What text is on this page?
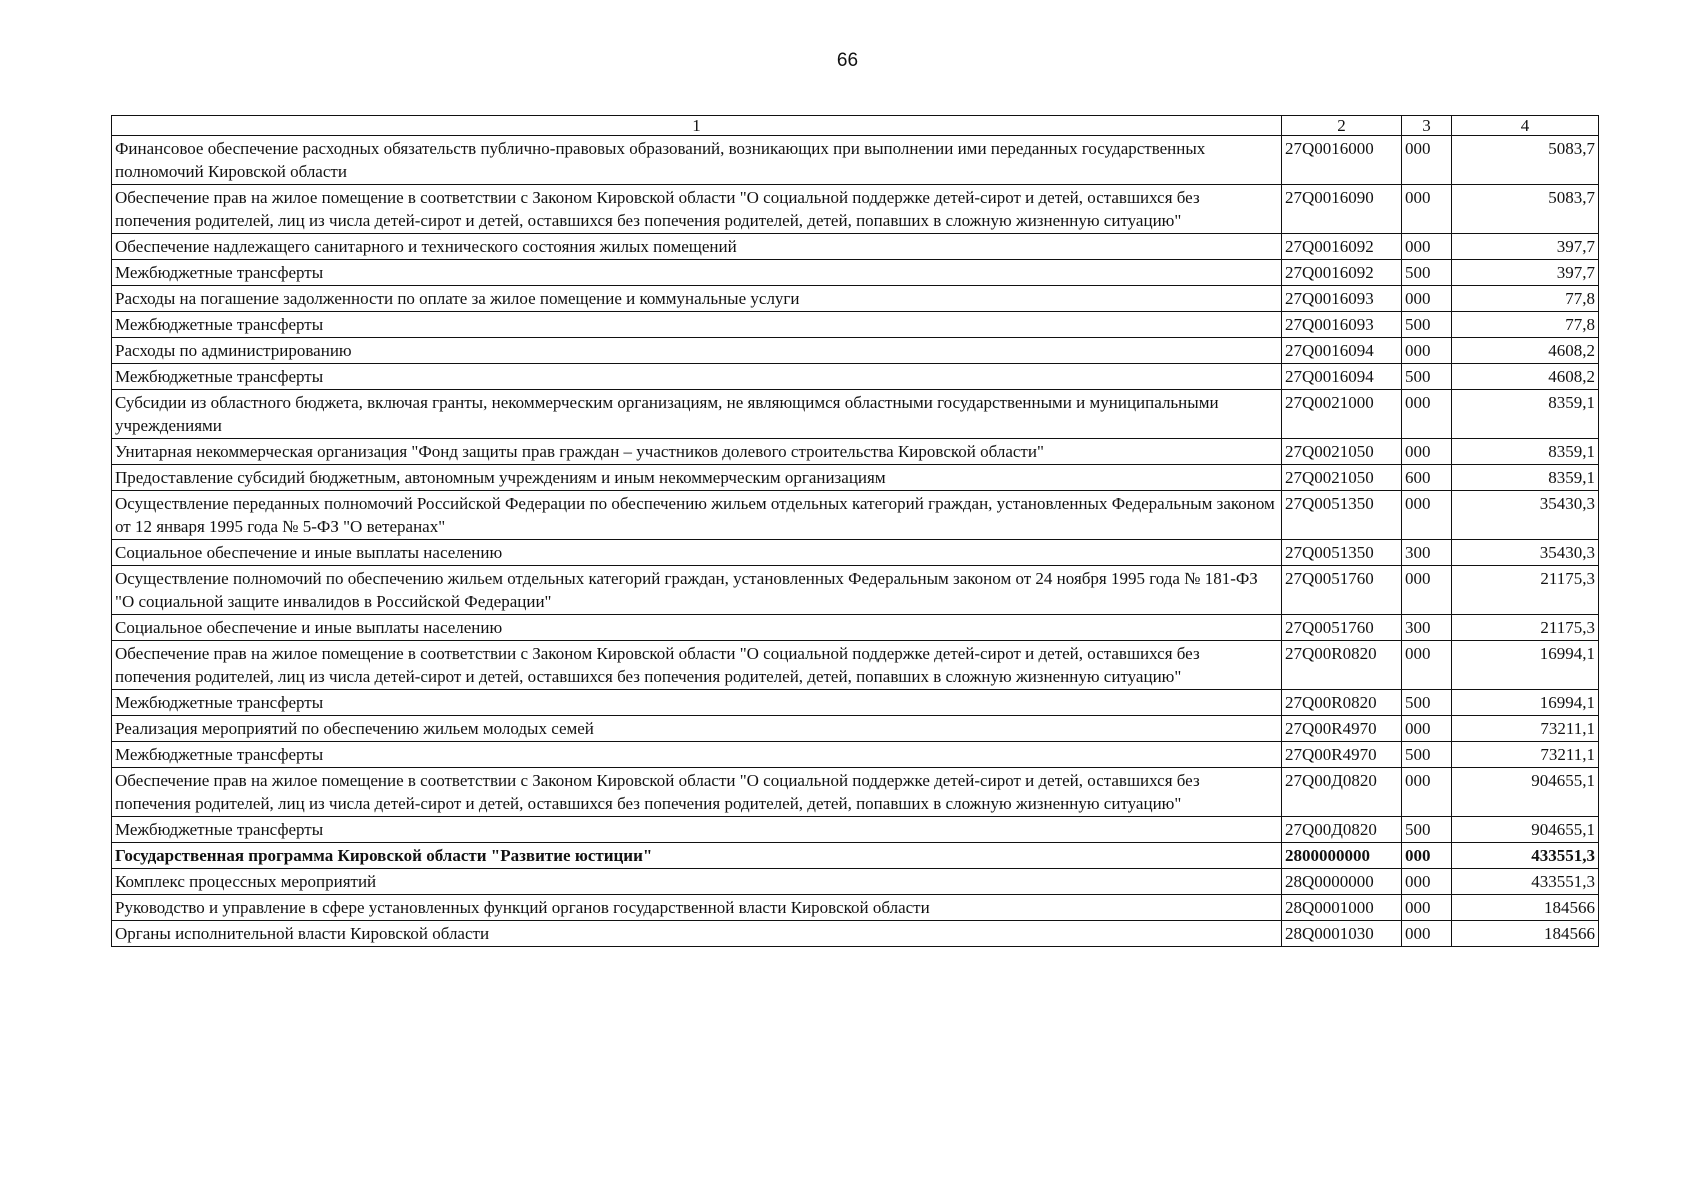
66
1	2	3	4
Финансовое обеспечение расходных обязательств публично-правовых образований, возникающих при выполнении ими переданных государственных полномочий Кировской области	27Q0016000	000	5083,7
Обеспечение прав на жилое помещение в соответствии с Законом Кировской области "О социальной поддержке детей-сирот и детей, оставшихся без попечения родителей, лиц из числа детей-сирот и детей, оставшихся без попечения родителей, детей, попавших в сложную жизненную ситуацию"	27Q0016090	000	5083,7
Обеспечение надлежащего санитарного и технического состояния жилых помещений	27Q0016092	000	397,7
Межбюджетные трансферты	27Q0016092	500	397,7
Расходы на погашение задолженности по оплате за жилое помещение и коммунальные услуги	27Q0016093	000	77,8
Межбюджетные трансферты	27Q0016093	500	77,8
Расходы по администрированию	27Q0016094	000	4608,2
Межбюджетные трансферты	27Q0016094	500	4608,2
Субсидии из областного бюджета, включая гранты, некоммерческим организациям, не являющимся областными государственными и муниципальными учреждениями	27Q0021000	000	8359,1
Унитарная некоммерческая организация "Фонд защиты прав граждан – участников долевого строительства Кировской области"	27Q0021050	000	8359,1
Предоставление субсидий бюджетным, автономным учреждениям и иным некоммерческим организациям	27Q0021050	600	8359,1
Осуществление переданных полномочий Российской Федерации по обеспечению жильем отдельных категорий граждан, установленных Федеральным законом от 12 января 1995 года № 5-ФЗ "О ветеранах"	27Q0051350	000	35430,3
Социальное обеспечение и иные выплаты населению	27Q0051350	300	35430,3
Осуществление полномочий по обеспечению жильем отдельных категорий граждан, установленных Федеральным законом от 24 ноября 1995 года № 181-ФЗ "О социальной защите инвалидов в Российской Федерации"	27Q0051760	000	21175,3
Социальное обеспечение и иные выплаты населению	27Q0051760	300	21175,3
Обеспечение прав на жилое помещение в соответствии с Законом Кировской области "О социальной поддержке детей-сирот и детей, оставшихся без попечения родителей, лиц из числа детей-сирот и детей, оставшихся без попечения родителей, детей, попавших в сложную жизненную ситуацию"	27Q00R0820	000	16994,1
Межбюджетные трансферты	27Q00R0820	500	16994,1
Реализация мероприятий по обеспечению жильем молодых семей	27Q00R4970	000	73211,1
Межбюджетные трансферты	27Q00R4970	500	73211,1
Обеспечение прав на жилое помещение в соответствии с Законом Кировской области "О социальной поддержке детей-сирот и детей, оставшихся без попечения родителей, лиц из числа детей-сирот и детей, оставшихся без попечения родителей, детей, попавших в сложную жизненную ситуацию"	27Q00Д0820	000	904655,1
Межбюджетные трансферты	27Q00Д0820	500	904655,1
Государственная программа Кировской области "Развитие юстиции"	2800000000	000	433551,3
Комплекс процессных мероприятий	28Q0000000	000	433551,3
Руководство и управление в сфере установленных функций органов государственной власти Кировской области	28Q0001000	000	184566
Органы исполнительной власти Кировской области	28Q0001030	000	184566
